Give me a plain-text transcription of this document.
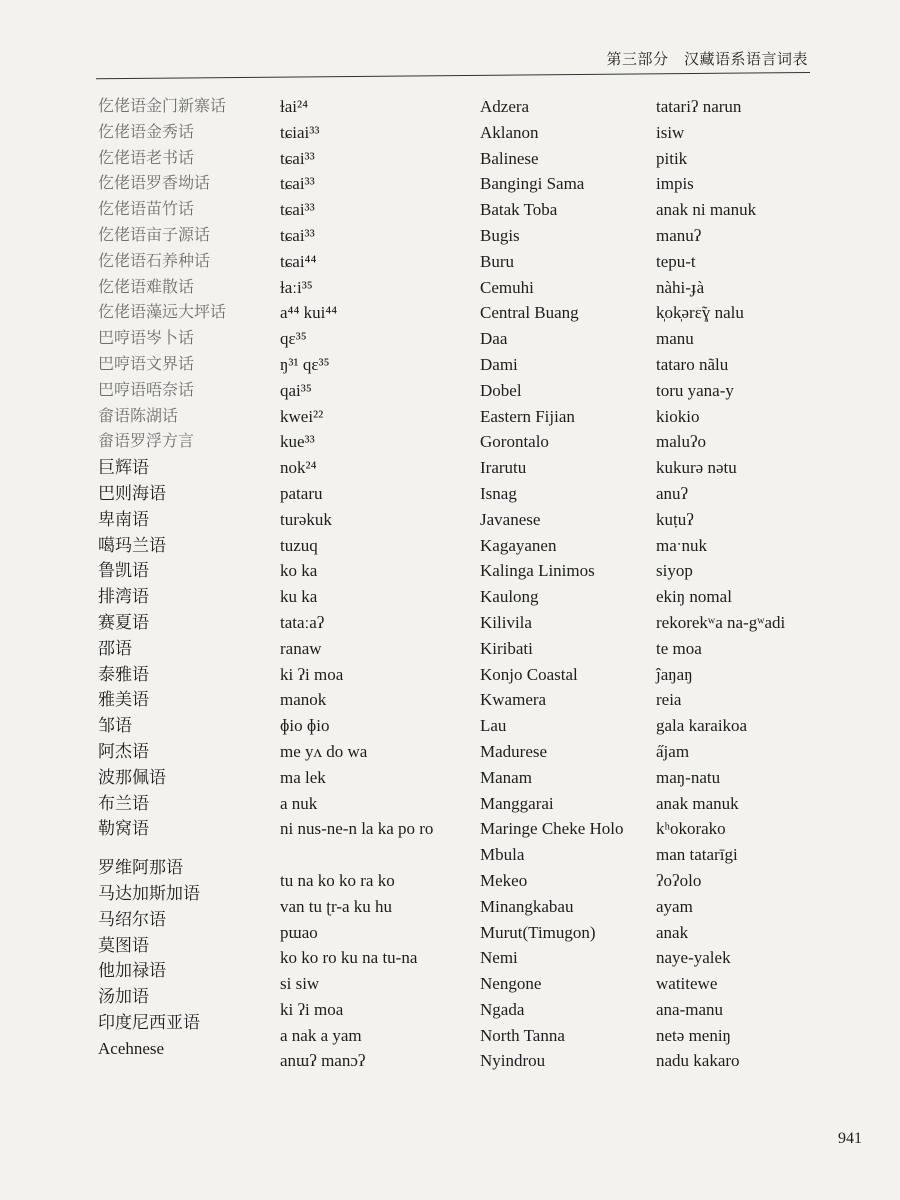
第三部分　汉藏语系语言词表
仡佬语金门新寨话
仡佬语金秀话
仡佬语老书话
仡佬语罗香坳话
仡佬语苗竹话
仡佬语亩子源话
仡佬语石养种话
仡佬语难散话
仡佬语藻远大坪话
巴哼语岑卜话
巴哼语文界话
巴哼语唔奈话
畲语陈湖话
畲语罗浮方言
巨辉语
巴则海语
卑南语
噶玛兰语
鲁凯语
排湾语
赛夏语
邵语
泰雅语
雅美语
邹语
阿杰语
波那佩语
布兰语
勒窝语
罗维阿那语
马达加斯加语
马绍尔语
莫图语
他加禄语
汤加语
印度尼西亚语
Acehnese
ɫai²⁴
tɕiai³³
tɕai³³
tɕai³³
tɕai³³
tɕai³³
tɕai⁴⁴
ɫaːi³⁵
a⁴⁴ kui⁴⁴
qɛ³⁵
ŋ³¹ qɛ³⁵
qai³⁵
kwei²²
kue³³
nok²⁴
pataru
turəkuk
tuzuq
ko ka
ku ka
tataːaʔ
ranaw
ki ʔi moa
manok
ɸio ɸio
me yʌ do wa
ma lek
a nuk
ni nus-ne-n la ka po ro
tu na ko ko ra ko
van tu ʈr-a ku hu
pɯao
ko ko ro ku na tu-na
si siw
ki ʔi moa
a nak a yam
anɯʔ manɔʔ
Adzera
Aklanon
Balinese
Bangingi Sama
Batak Toba
Bugis
Buru
Cemuhi
Central Buang
Daa
Dami
Dobel
Eastern Fijian
Gorontalo
Irarutu
Isnag
Javanese
Kagayanen
Kalinga Linimos
Kaulong
Kilivila
Kiribati
Konjo Coastal
Kwamera
Lau
Madurese
Manam
Manggarai
Maringe Cheke Holo
Mbula
Mekeo
Minangkabau
Murut(Timugon)
Nemi
Nengone
Ngada
North Tanna
Nyindrou
tatariʔ narun
isiw
pitik
impis
anak ni manuk
manuʔ
tepu-t
nàhi-ɟà
k̩ok̩ərɛ̃ɣ nalu
manu
tataro nãlu
toru yana-y
kiokio
maluʔo
kukurə nətu
anuʔ
kuṭuʔ
maˑnuk
siyop
ekiŋ nomal
rekorekʷa na-gʷadi
te moa
ĵaŋaŋ
reia
gala karaikoa
a̋jam
maŋ-natu
anak manuk
kʰokorako
man tatarīgi
ʔoʔolo
ayam
anak
naye-yalek
watitewe
ana-manu
netə meniŋ
nadu kakaro
941
